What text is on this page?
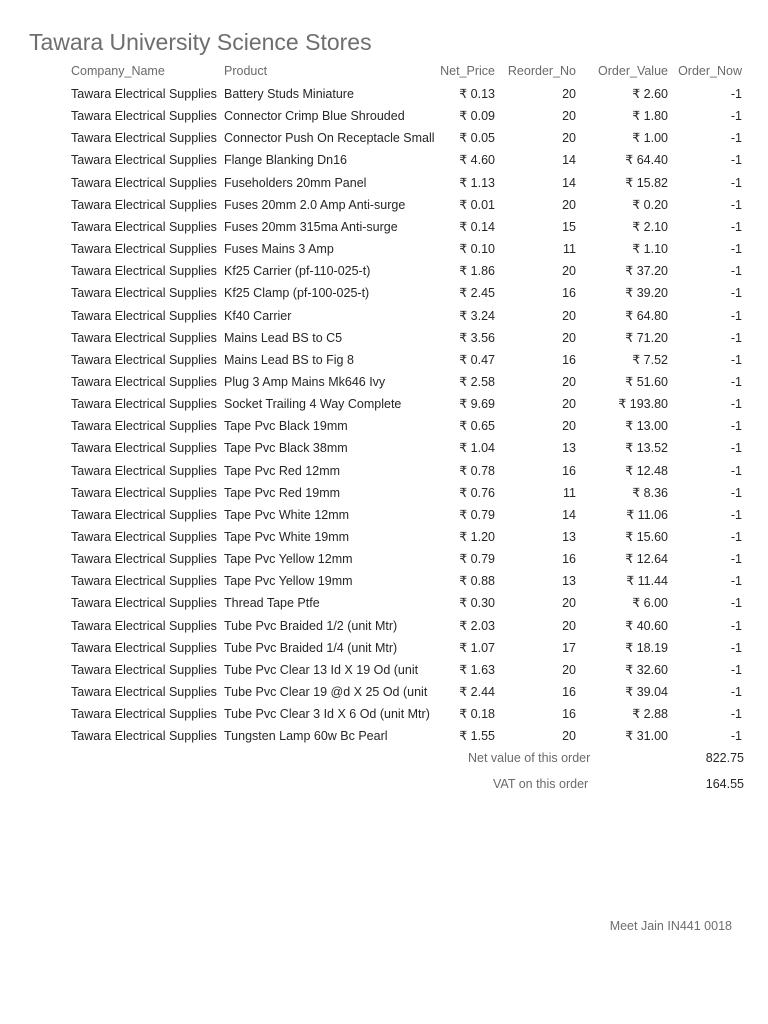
Tawara University Science Stores
Company_Name	Product	Net_Price Reorder_No Order_Value Order_Now
Tawara Electrical Supplies Battery Studs Miniature	₹ 0.13	20	₹ 2.60	-1
Tawara Electrical Supplies Connector Crimp Blue Shrouded	₹ 0.09	20	₹ 1.80	-1
Tawara Electrical Supplies Connector Push On Receptacle Small ₹ 0.05	20	₹ 1.00	-1
Tawara Electrical Supplies Flange Blanking Dn16	₹ 4.60	14	₹ 64.40	-1
Tawara Electrical Supplies Fuseholders 20mm Panel	₹ 1.13	14	₹ 15.82	-1
Tawara Electrical Supplies Fuses 20mm 2.0 Amp Anti-surge	₹ 0.01	20	₹ 0.20	-1
Tawara Electrical Supplies Fuses 20mm 315ma Anti-surge	₹ 0.14	15	₹ 2.10	-1
Tawara Electrical Supplies Fuses Mains 3 Amp	₹ 0.10	11	₹ 1.10	-1
Tawara Electrical Supplies Kf25 Carrier (pf-110-025-t)	₹ 1.86	20	₹ 37.20	-1
Tawara Electrical Supplies Kf25 Clamp (pf-100-025-t)	₹ 2.45	16	₹ 39.20	-1
Tawara Electrical Supplies Kf40 Carrier	₹ 3.24	20	₹ 64.80	-1
Tawara Electrical Supplies Mains Lead BS to C5	₹ 3.56	20	₹ 71.20	-1
Tawara Electrical Supplies Mains Lead BS to Fig 8	₹ 0.47	16	₹ 7.52	-1
Tawara Electrical Supplies Plug 3 Amp Mains Mk646 Ivy	₹ 2.58	20	₹ 51.60	-1
Tawara Electrical Supplies Socket Trailing 4 Way Complete	₹ 9.69	20	₹ 193.80	-1
Tawara Electrical Supplies Tape Pvc Black 19mm	₹ 0.65	20	₹ 13.00	-1
Tawara Electrical Supplies Tape Pvc Black 38mm	₹ 1.04	13	₹ 13.52	-1
Tawara Electrical Supplies Tape Pvc Red 12mm	₹ 0.78	16	₹ 12.48	-1
Tawara Electrical Supplies Tape Pvc Red 19mm	₹ 0.76	11	₹ 8.36	-1
Tawara Electrical Supplies Tape Pvc White 12mm	₹ 0.79	14	₹ 11.06	-1
Tawara Electrical Supplies Tape Pvc White 19mm	₹ 1.20	13	₹ 15.60	-1
Tawara Electrical Supplies Tape Pvc Yellow 12mm	₹ 0.79	16	₹ 12.64	-1
Tawara Electrical Supplies Tape Pvc Yellow 19mm	₹ 0.88	13	₹ 11.44	-1
Tawara Electrical Supplies Thread Tape Ptfe	₹ 0.30	20	₹ 6.00	-1
Tawara Electrical Supplies Tube Pvc Braided 1/2 (unit Mtr)	₹ 2.03	20	₹ 40.60	-1
Tawara Electrical Supplies Tube Pvc Braided 1/4 (unit Mtr)	₹ 1.07	17	₹ 18.19	-1
Tawara Electrical Supplies Tube Pvc Clear 13 Id X 19 Od (unit	₹ 1.63	20	₹ 32.60	-1
Tawara Electrical Supplies Tube Pvc Clear 19 @d X 25 Od (unit	₹ 2.44	16	₹ 39.04	-1
Tawara Electrical Supplies Tube Pvc Clear 3 Id X 6 Od (unit Mtr) ₹ 0.18	16	₹ 2.88	-1
Tawara Electrical Supplies Tungsten Lamp 60w Bc Pearl	₹ 1.55	20	₹ 31.00	-1
Net value of this order	822.75
VAT on this order	164.55
Meet Jain IN441 0018
